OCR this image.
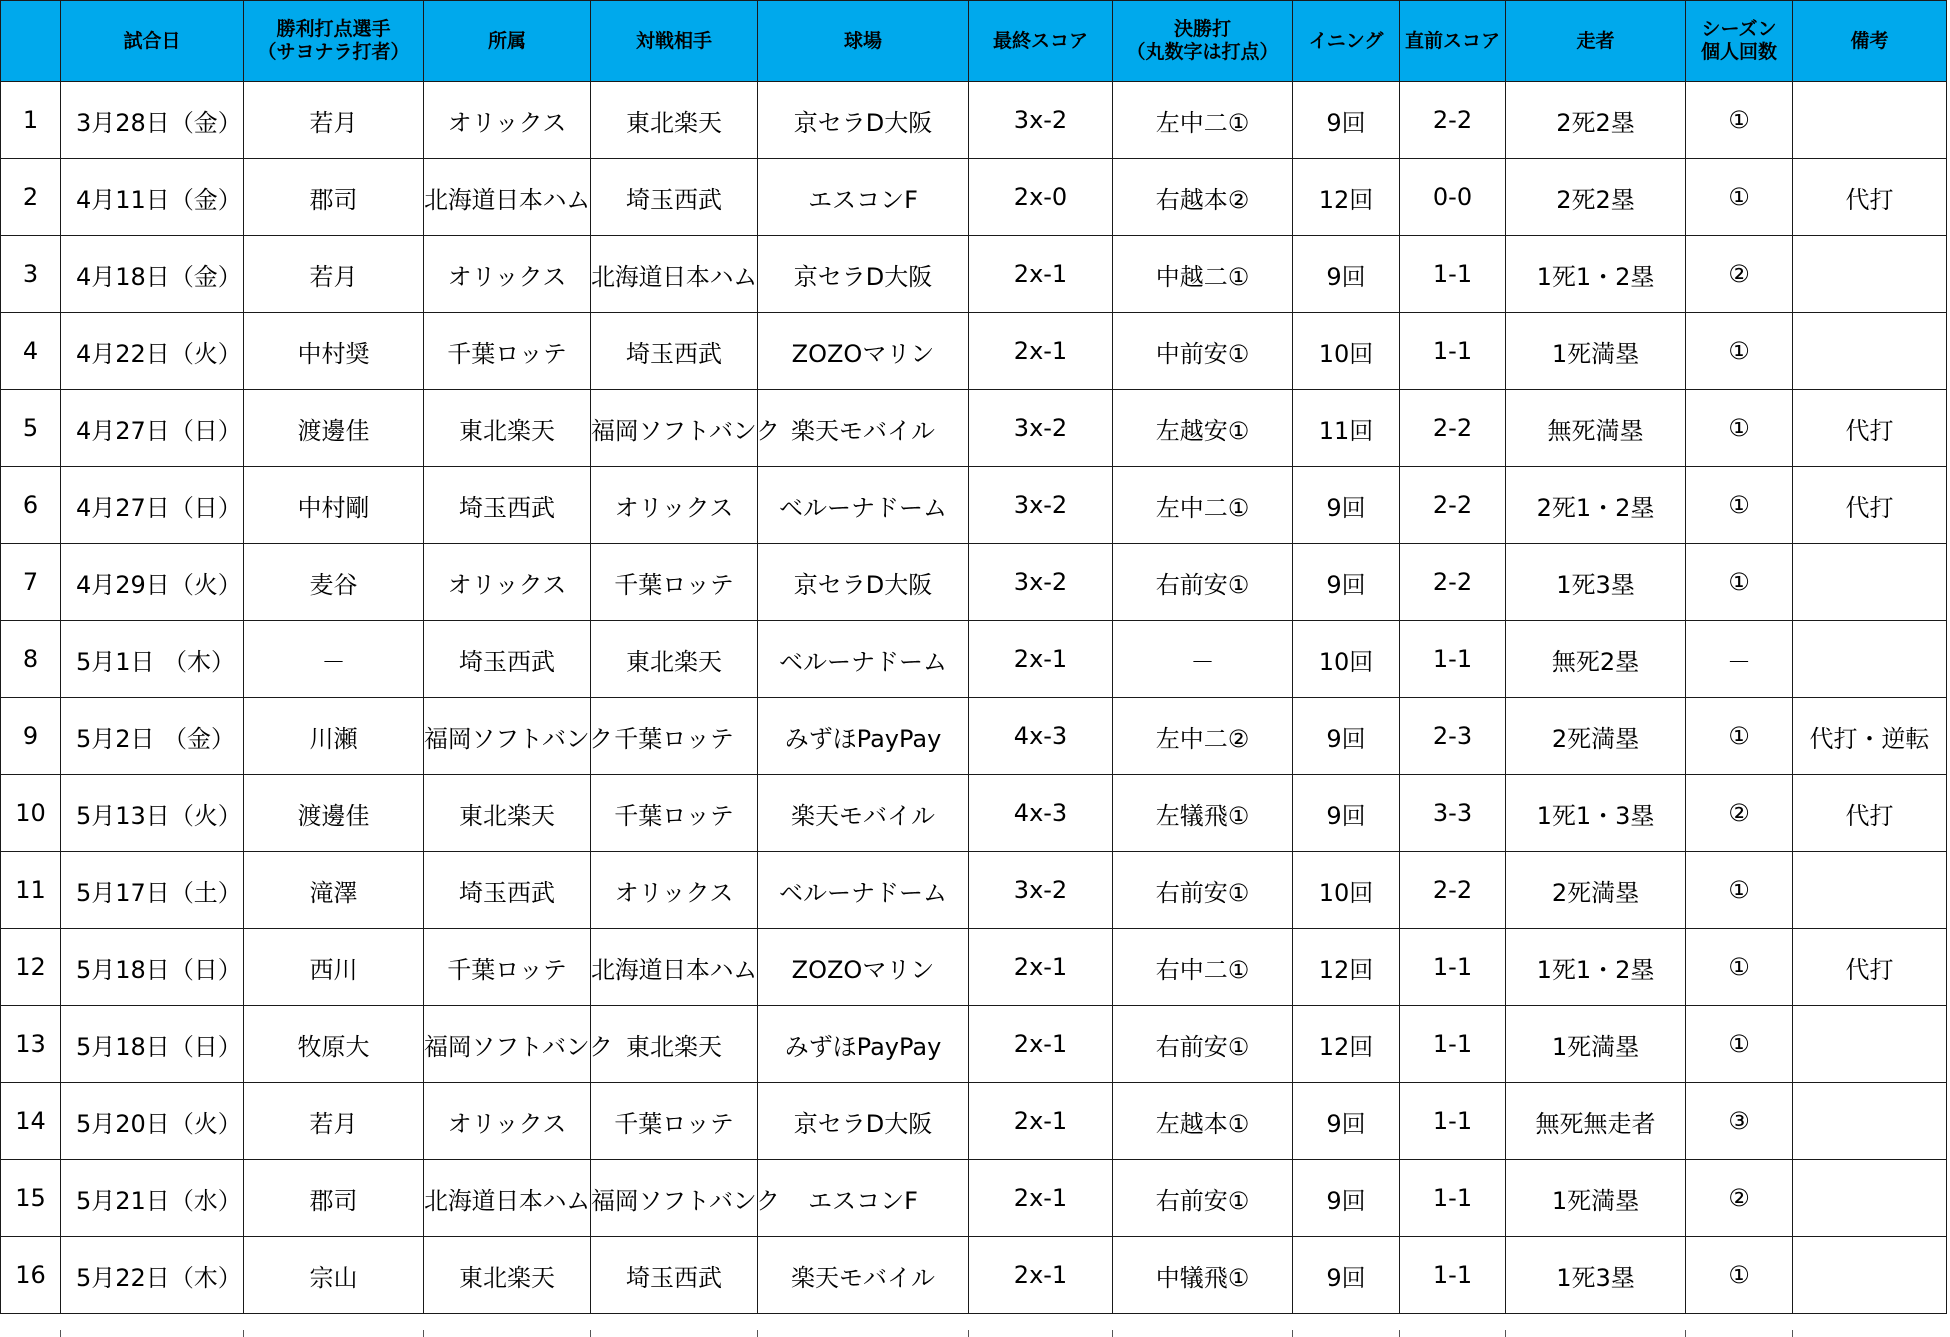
	試合日	勝利打点選手
（サヨナラ打者）	所属	対戦相手	球場	最終スコア	決勝打
（丸数字は打点）	イニング	直前スコア	走者	シーズン
個人回数	備考
1	3月28日 （金）	若月	オリックス	東北楽天	京セラD大阪	3x-2	左中二①	9回	2-2	2死2塁	①	
2	4月11日 （金）	郡司	北海道日本ハム	埼玉西武	エスコンF	2x-0	右越本②	12回	0-0	2死2塁	①	代打
3	4月18日 （金）	若月	オリックス	北海道日本ハム	京セラD大阪	2x-1	中越二①	9回	1-1	1死1・2塁	②	
4	4月22日 （火）	中村奨	千葉ロッテ	埼玉西武	ZOZOマリン	2x-1	中前安①	10回	1-1	1死満塁	①	
5	4月27日 （日）	渡邊佳	東北楽天	福岡ソフトバンク	楽天モバイル	3x-2	左越安①	11回	2-2	無死満塁	①	代打
6	4月27日 （日）	中村剛	埼玉西武	オリックス	ベルーナドーム	3x-2	左中二①	9回	2-2	2死1・2塁	①	代打
7	4月29日 （火）	麦谷	オリックス	千葉ロッテ	京セラD大阪	3x-2	右前安①	9回	2-2	1死3塁	①	
8	5月1日 （木）	－	埼玉西武	東北楽天	ベルーナドーム	2x-1	－	10回	1-1	無死2塁	－	
9	5月2日 （金）	川瀬	福岡ソフトバンク	千葉ロッテ	みずほPayPay	4x-3	左中二②	9回	2-3	2死満塁	①	代打・逆転
10	5月13日 （火）	渡邊佳	東北楽天	千葉ロッテ	楽天モバイル	4x-3	左犠飛①	9回	3-3	1死1・3塁	②	代打
11	5月17日 （土）	滝澤	埼玉西武	オリックス	ベルーナドーム	3x-2	右前安①	10回	2-2	2死満塁	①	
12	5月18日 （日）	西川	千葉ロッテ	北海道日本ハム	ZOZOマリン	2x-1	右中二①	12回	1-1	1死1・2塁	①	代打
13	5月18日 （日）	牧原大	福岡ソフトバンク	東北楽天	みずほPayPay	2x-1	右前安①	12回	1-1	1死満塁	①	
14	5月20日 （火）	若月	オリックス	千葉ロッテ	京セラD大阪	2x-1	左越本①	9回	1-1	無死無走者	③	
15	5月21日 （水）	郡司	北海道日本ハム	福岡ソフトバンク	エスコンF	2x-1	右前安①	9回	1-1	1死満塁	②	
16	5月22日 （木）	宗山	東北楽天	埼玉西武	楽天モバイル	2x-1	中犠飛①	9回	1-1	1死3塁	①	
